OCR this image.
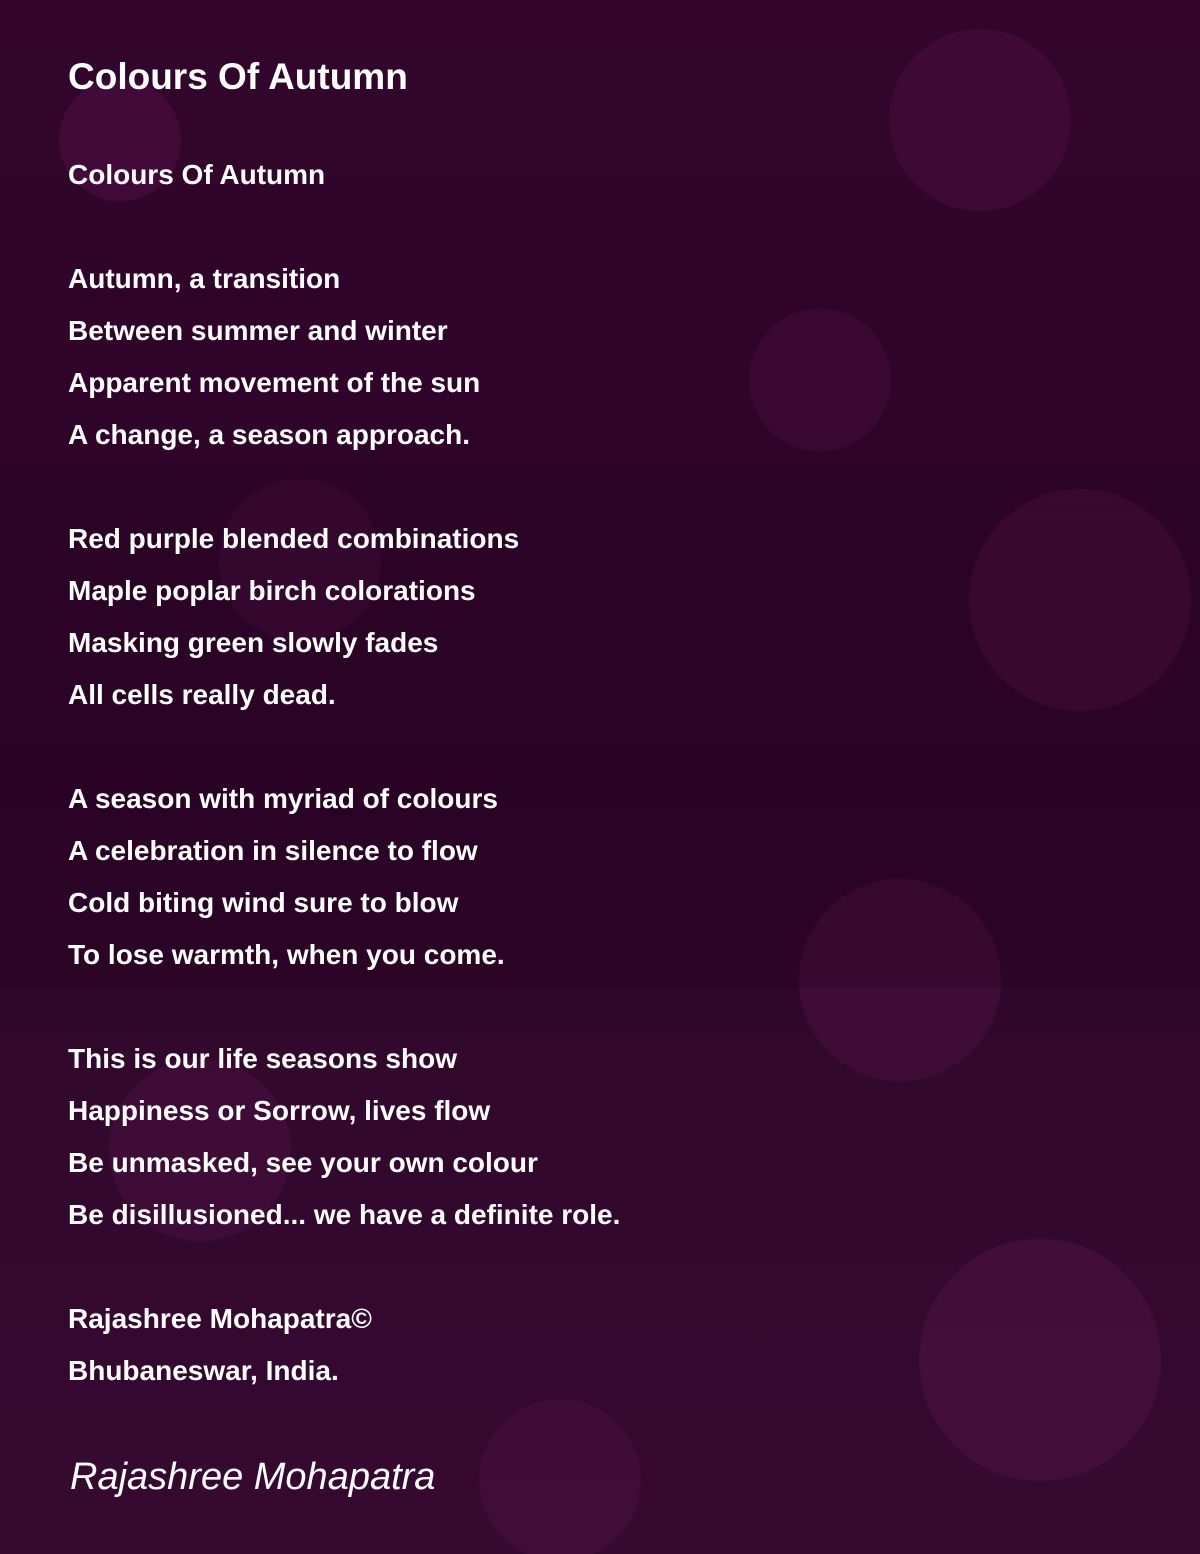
Colours Of Autumn
Colours Of Autumn
Autumn, a transition
Between summer and winter
Apparent movement of the sun
A change, a season approach.
Red purple blended combinations
Maple poplar birch colorations
Masking green slowly fades
All cells really dead.
A season with myriad of colours
A celebration in silence to flow
Cold biting wind sure to blow
To lose warmth, when you come.
This is our life seasons show
Happiness or Sorrow, lives flow
Be unmasked, see your own colour
Be disillusioned... we have a definite role.
Rajashree Mohapatra©
Bhubaneswar, India.
Rajashree Mohapatra
